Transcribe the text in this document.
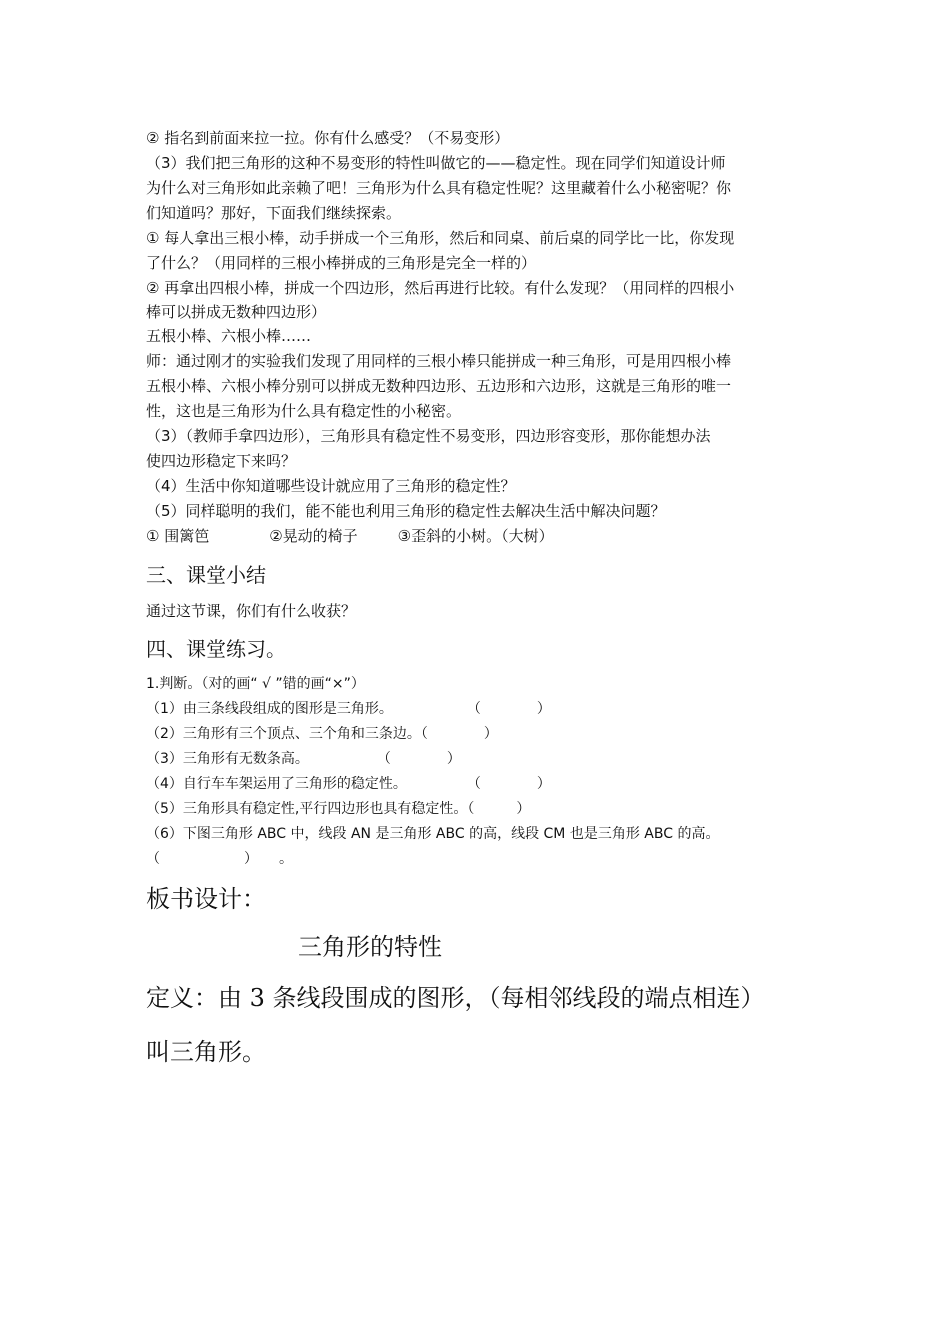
② 指名到前面来拉一拉。你有什么感受？（不易变形）
（3）我们把三角形的这种不易变形的特性叫做它的——稳定性。现在同学们知道设计师
为什么对三角形如此亲赖了吧！三角形为什么具有稳定性呢？这里藏着什么小秘密呢？你
们知道吗？那好，下面我们继续探索。
① 每人拿出三根小棒，动手拼成一个三角形，然后和同桌、前后桌的同学比一比，你发现
了什么？（用同样的三根小棒拼成的三角形是完全一样的）
② 再拿出四根小棒，拼成一个四边形，然后再进行比较。有什么发现？（用同样的四根小
棒可以拼成无数种四边形）
五根小棒、六根小棒……
师：通过刚才的实验我们发现了用同样的三根小棒只能拼成一种三角形，可是用四根小棒
五根小棒、六根小棒分别可以拼成无数种四边形、五边形和六边形，这就是三角形的唯一
性，这也是三角形为什么具有稳定性的小秘密。
（3）（教师手拿四边形），三角形具有稳定性不易变形，四边形容变形，那你能想办法
使四边形稳定下来吗？
（4）生活中你知道哪些设计就应用了三角形的稳定性？
（5）同样聪明的我们，能不能也利用三角形的稳定性去解决生活中解决问题？
① 围篱笆	②晃动的椅子	③歪斜的小树。（大树）
三、课堂小结
通过这节课，你们有什么收获？
四、课堂练习。
1.判断。（对的画“ √ ”错的画“×”）
（1）由三条线段组成的图形是三角形。	（　　　　）
（2）三角形有三个顶点、三个角和三条边。（　　　　）
（3）三角形有无数条高。	（　　　　）
（4）自行车车架运用了三角形的稳定性。	（　　　　）
（5）三角形具有稳定性,平行四边形也具有稳定性。（　　　）
（6）下图三角形 ABC 中，线段 AN 是三角形 ABC 的高，线段 CM 也是三角形 ABC 的高。
（　　　　　　）　　。
板书设计：
三角形的特性
定义：由 3 条线段围成的图形，（每相邻线段的端点相连）
叫三角形。
